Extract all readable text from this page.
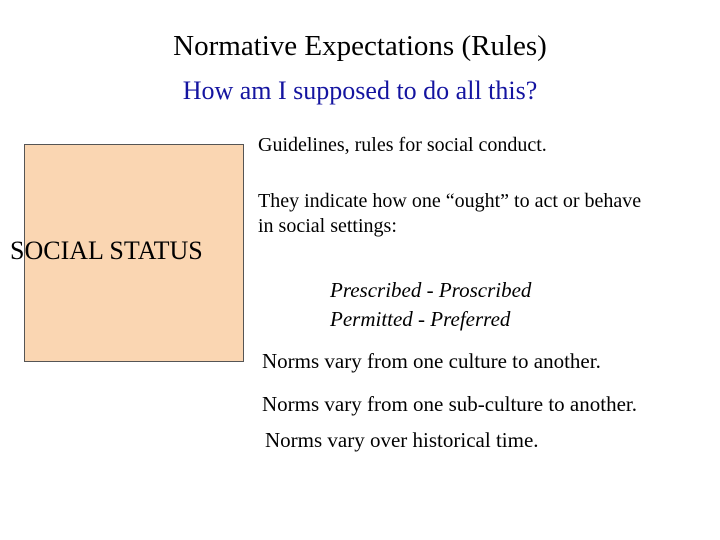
Normative Expectations (Rules)
How am I supposed to do all this?
SOCIAL STATUS
Guidelines, rules for social conduct.
They indicate how one “ought” to act or behave in social settings:
Prescribed - Proscribed
Permitted - Preferred
Norms vary from one culture to another.
Norms vary from one sub-culture to another.
Norms vary over historical time.
